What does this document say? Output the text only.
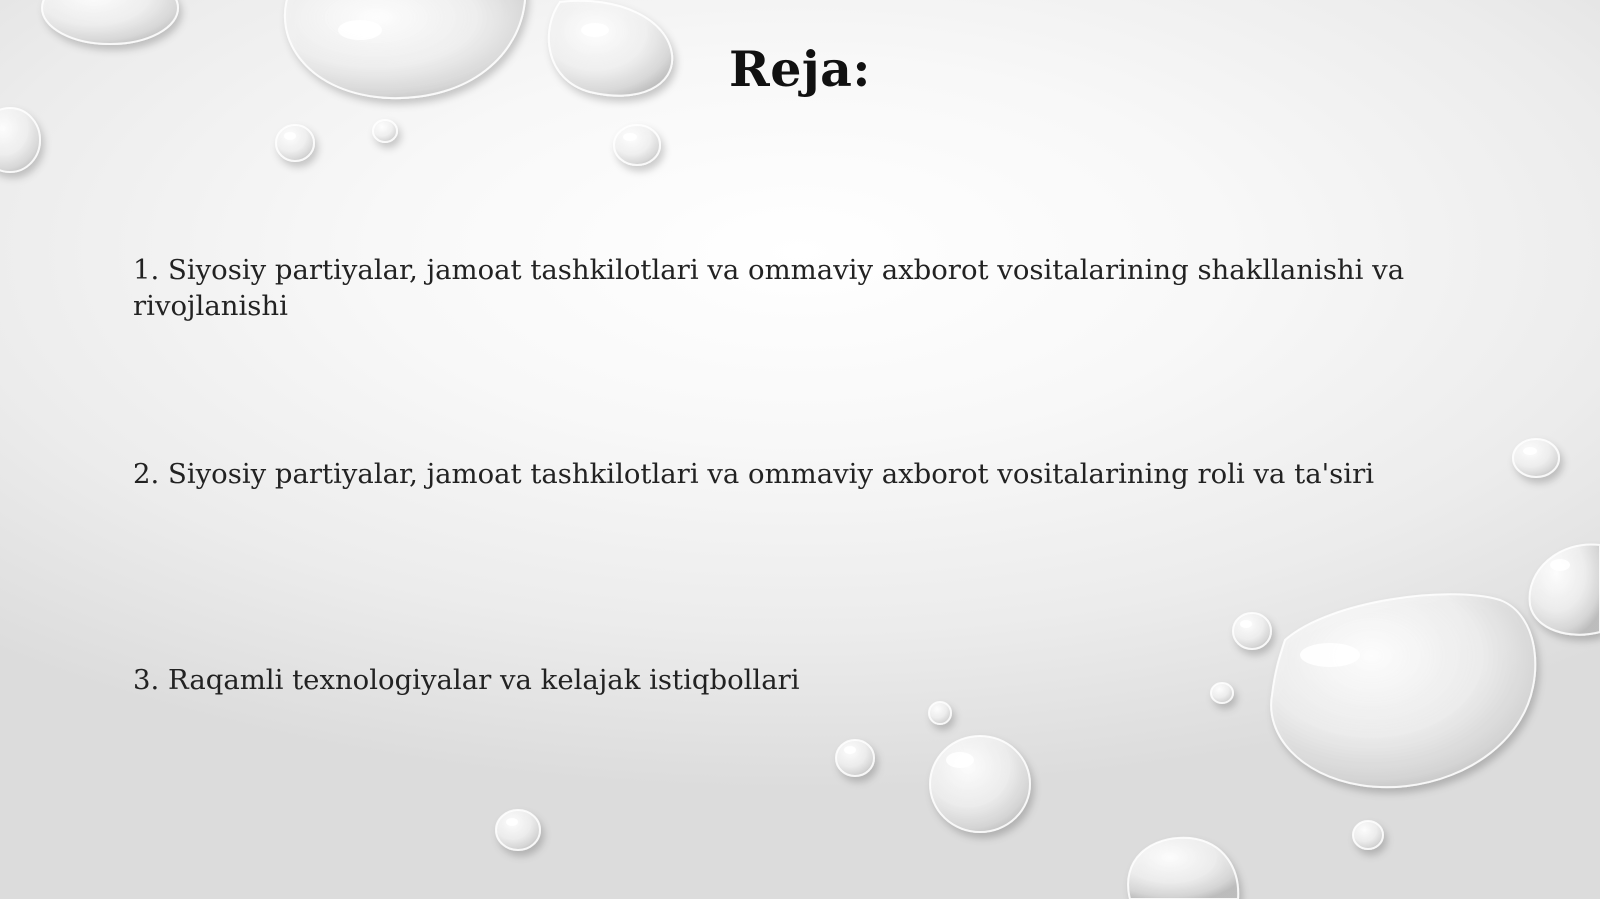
Reja:
1. Siyosiy partiyalar, jamoat tashkilotlari va ommaviy axborot vositalarining shakllanishi va rivojlanishi
2. Siyosiy partiyalar, jamoat tashkilotlari va ommaviy axborot vositalarining roli va ta'siri
3. Raqamli texnologiyalar va kelajak istiqbollari
